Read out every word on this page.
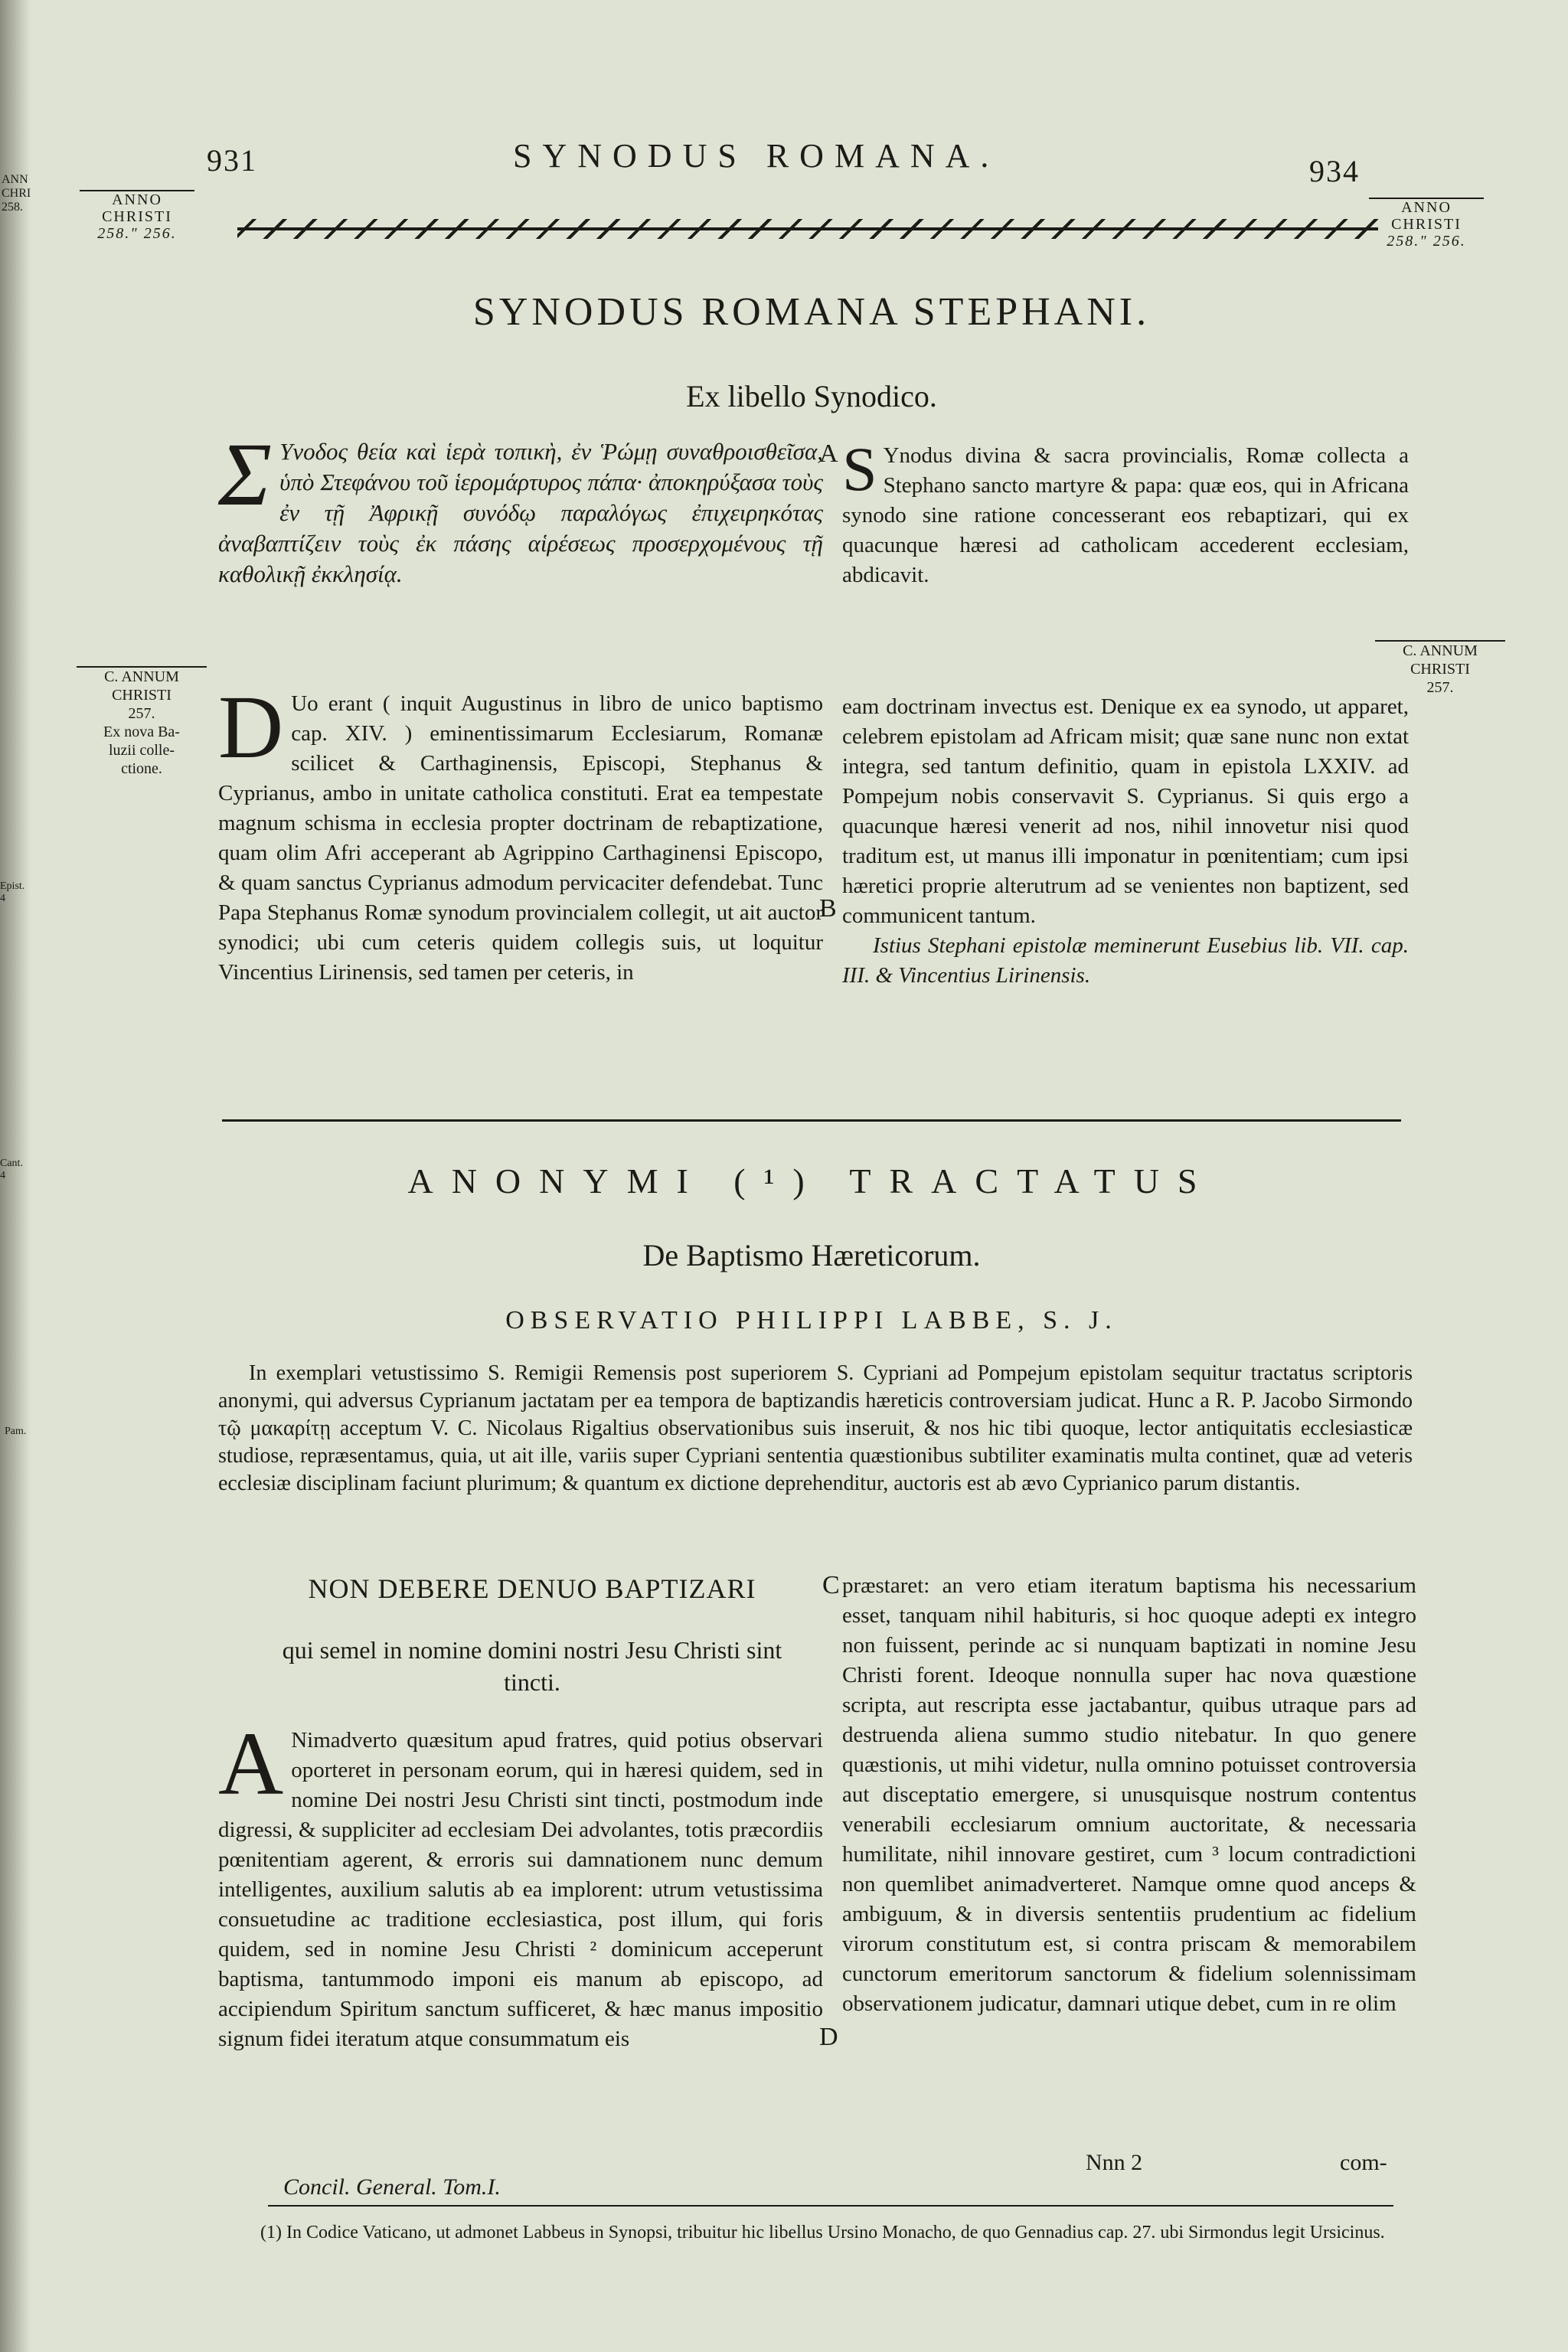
ANN
CHRI
258.
Epist. 4
Cant. 4
Pam.
931	SYNODUS ROMANA.	934
ANNO
CHRISTI
258." 256.
ANNO
CHRISTI
258." 256.
SYNODUS ROMANA STEPHANI.
Ex libello Synodico.
Σ Υνοδος θεία καὶ ἱερὰ τοπικὴ, ἐν Ῥώμῃ συναθροισθεῖσα, ὑπὸ Στεφάνου τοῦ ἱερομάρτυρος πάπα· ἀποκηρύξασα τοὺς ἐν τῇ Ἀφρικῇ συνόδῳ παραλόγως ἐπιχειρηκότας ἀναβαπτίζειν τοὺς ἐκ πάσης αἱρέσεως προσερχομένους τῇ καθολικῇ ἐκκλησίᾳ.
A S Ynodus divina & sacra provincialis, Romæ collecta a Stephano sancto martyre & papa: quæ eos, qui in Africana synodo sine ratione concesserant eos rebaptizari, qui ex quacunque hæresi ad catholicam accederent ecclesiam, abdicavit.
C. ANNUM
CHRISTI
257.
Ex nova Ba-
luzii colle-
ctione.
C. ANNUM
CHRISTI
257.
D Uo erant ( inquit Augustinus in libro de unico baptismo cap. XIV. ) eminentissimarum Ecclesiarum, Romanæ scilicet & Carthaginensis, Episcopi, Stephanus & Cyprianus, ambo in unitate catholica constituti. Erat ea tempestate magnum schisma in ecclesia propter doctrinam de rebaptizatione, quam olim Afri acceperant ab Agrippino Carthaginensi Episcopo, & quam sanctus Cyprianus admodum pervicaciter defendebat. Tunc Papa Stephanus Romæ synodum provincialem collegit, ut ait auctor synodici; ubi cum ceteris quidem collegis suis, ut loquitur Vincentius Lirinensis, sed tamen per ceteris, in
B

eam doctrinam invectus est. Denique ex ea synodo, ut apparet, celebrem epistolam ad Africam misit; quæ sane nunc non extat integra, sed tantum definitio, quam in epistola LXXIV. ad Pompejum nobis conservavit S. Cyprianus. Si quis ergo a quacunque hæresi venerit ad nos, nihil innovetur nisi quod traditum est, ut manus illi imponatur in pœnitentiam; cum ipsi hæretici proprie alterutrum ad se venientes non baptizent, sed communicent tantum.

Istius Stephani epistolæ meminerunt Eusebius lib. VII. cap. III. & Vincentius Lirinensis.

ANONYMI (¹) TRACTATUS
De Baptismo Hæreticorum.
OBSERVATIO PHILIPPI LABBE, S. J.
In exemplari vetustissimo S. Remigii Remensis post superiorem S. Cypriani ad Pompejum epistolam sequitur tractatus scriptoris anonymi, qui adversus Cyprianum jactatam per ea tempora de baptizandis hæreticis controversiam judicat. Hunc a R. P. Jacobo Sirmondo τῷ μακαρίτῃ acceptum V. C. Nicolaus Rigaltius observationibus suis inseruit, & nos hic tibi quoque, lector antiquitatis ecclesiasticæ studiose, repræsentamus, quia, ut ait ille, variis super Cypriani sententia quæstionibus subtiliter examinatis multa continet, quæ ad veteris ecclesiæ disciplinam faciunt plurimum; & quantum ex dictione deprehenditur, auctoris est ab ævo Cyprianico parum distantis.
NON DEBERE DENUO BAPTIZARI
qui semel in nomine domini nostri Jesu Christi sint tincti.
C
A Nimadverto quæsitum apud fratres, quid potius observari oporteret in personam eorum, qui in hæresi quidem, sed in nomine Dei nostri Jesu Christi sint tincti, postmodum inde digressi, & suppliciter ad ecclesiam Dei advolantes, totis præcordiis pœnitentiam agerent, & erroris sui damnationem nunc demum intelligentes, auxilium salutis ab ea implorent: utrum vetustissima consuetudine ac traditione ecclesiastica, post illum, qui foris quidem, sed in nomine Jesu Christi ² dominicum acceperunt baptisma, tantummodo imponi eis manum ab episcopo, ad accipiendum Spiritum sanctum sufficeret, & hæc manus impositio signum fidei iteratum atque consummatum eis
Concil. General. Tom.I.
D
præstaret: an vero etiam iteratum baptisma his necessarium esset, tanquam nihil habituris, si hoc quoque adepti ex integro non fuissent, perinde ac si nunquam baptizati in nomine Jesu Christi forent. Ideoque nonnulla super hac nova quæstione scripta, aut rescripta esse jactabantur, quibus utraque pars ad destruenda aliena summo studio nitebatur. In quo genere quæstionis, ut mihi videtur, nulla omnino potuisset controversia aut disceptatio emergere, si unusquisque nostrum contentus venerabili ecclesiarum omnium auctoritate, & necessaria humilitate, nihil innovare gestiret, cum ³ locum contradictioni non quemlibet animadverteret. Namque omne quod anceps & ambiguum, & in diversis sententiis prudentium ac fidelium virorum constitutum est, si contra priscam & memorabilem cunctorum emeritorum sanctorum & fidelium solennissimam observationem judicatur, damnari utique debet, cum in re olim
Nnn 2	com-
(1) In Codice Vaticano, ut admonet Labbeus in Synopsi, tribuitur hic libellus Ursino Monacho, de quo Gennadius cap. 27. ubi Sirmondus legit Ursicinus.
